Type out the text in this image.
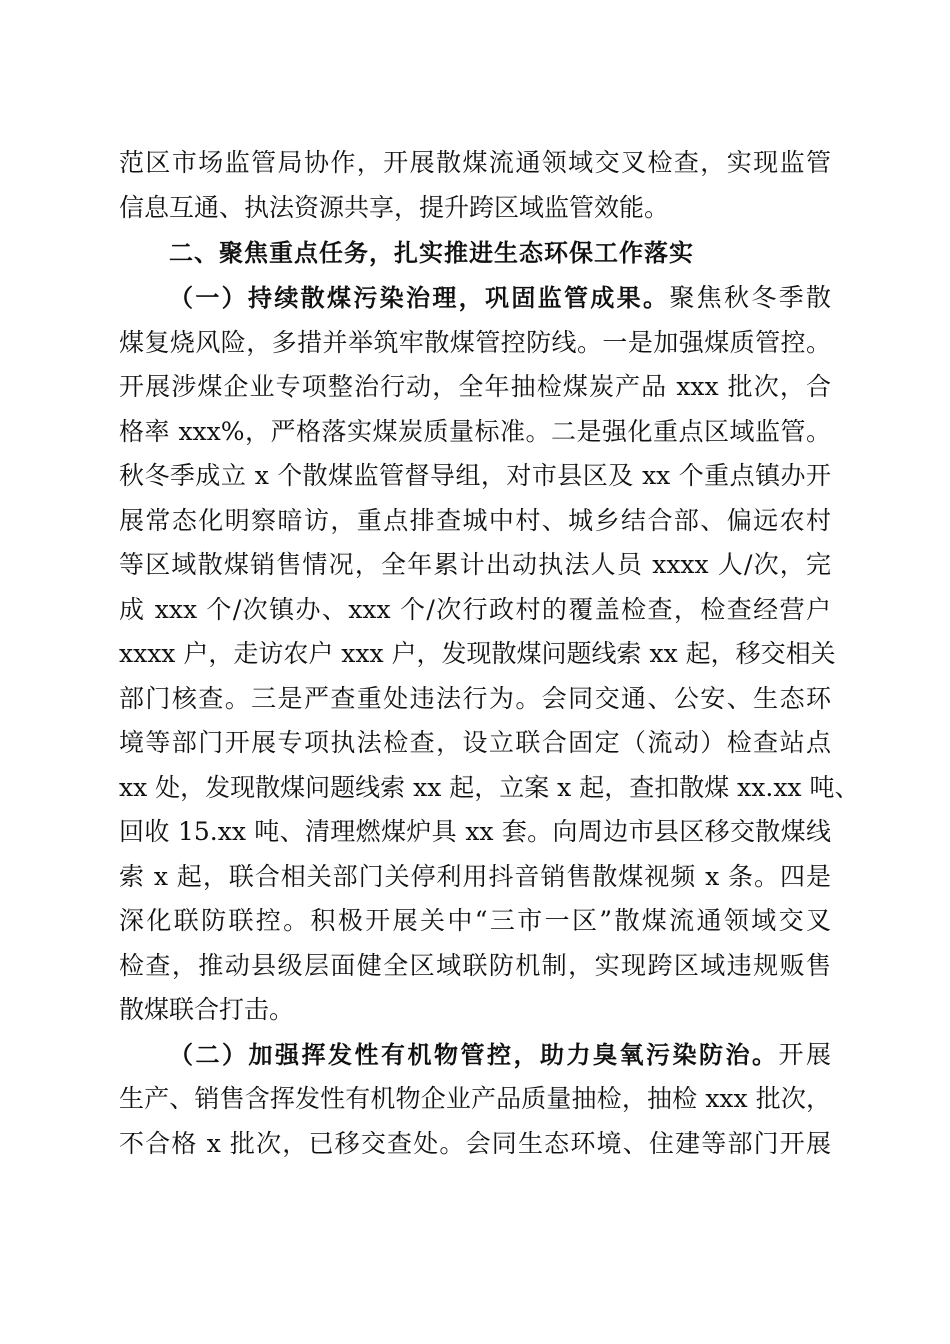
范区市场监管局协作，开展散煤流通领域交叉检查，实现监管
信息互通、执法资源共享，提升跨区域监管效能。
二、聚焦重点任务，扎实推进生态环保工作落实
（一）持续散煤污染治理，巩固监管成果。聚焦秋冬季散
煤复烧风险，多措并举筑牢散煤管控防线。一是加强煤质管控。
开展涉煤企业专项整治行动，全年抽检煤炭产品 xxx 批次，合
格率 xxx%，严格落实煤炭质量标准。二是强化重点区域监管。
秋冬季成立 x 个散煤监管督导组，对市县区及 xx 个重点镇办开
展常态化明察暗访，重点排查城中村、城乡结合部、偏远农村
等区域散煤销售情况，全年累计出动执法人员 xxxx 人/次，完
成 xxx 个/次镇办、xxx 个/次行政村的覆盖检查，检查经营户
xxxx 户，走访农户 xxx 户，发现散煤问题线索 xx 起，移交相关
部门核查。三是严查重处违法行为。会同交通、公安、生态环
境等部门开展专项执法检查，设立联合固定（流动）检查站点
xx 处，发现散煤问题线索 xx 起，立案 x 起，查扣散煤 xx.xx 吨、
回收 15.xx 吨、清理燃煤炉具 xx 套。向周边市县区移交散煤线
索 x 起，联合相关部门关停利用抖音销售散煤视频 x 条。四是
深化联防联控。积极开展关中“三市一区”散煤流通领域交叉
检查，推动县级层面健全区域联防机制，实现跨区域违规贩售
散煤联合打击。
（二）加强挥发性有机物管控，助力臭氧污染防治。开展
生产、销售含挥发性有机物企业产品质量抽检，抽检 xxx 批次，
不合格 x 批次，已移交查处。会同生态环境、住建等部门开展
